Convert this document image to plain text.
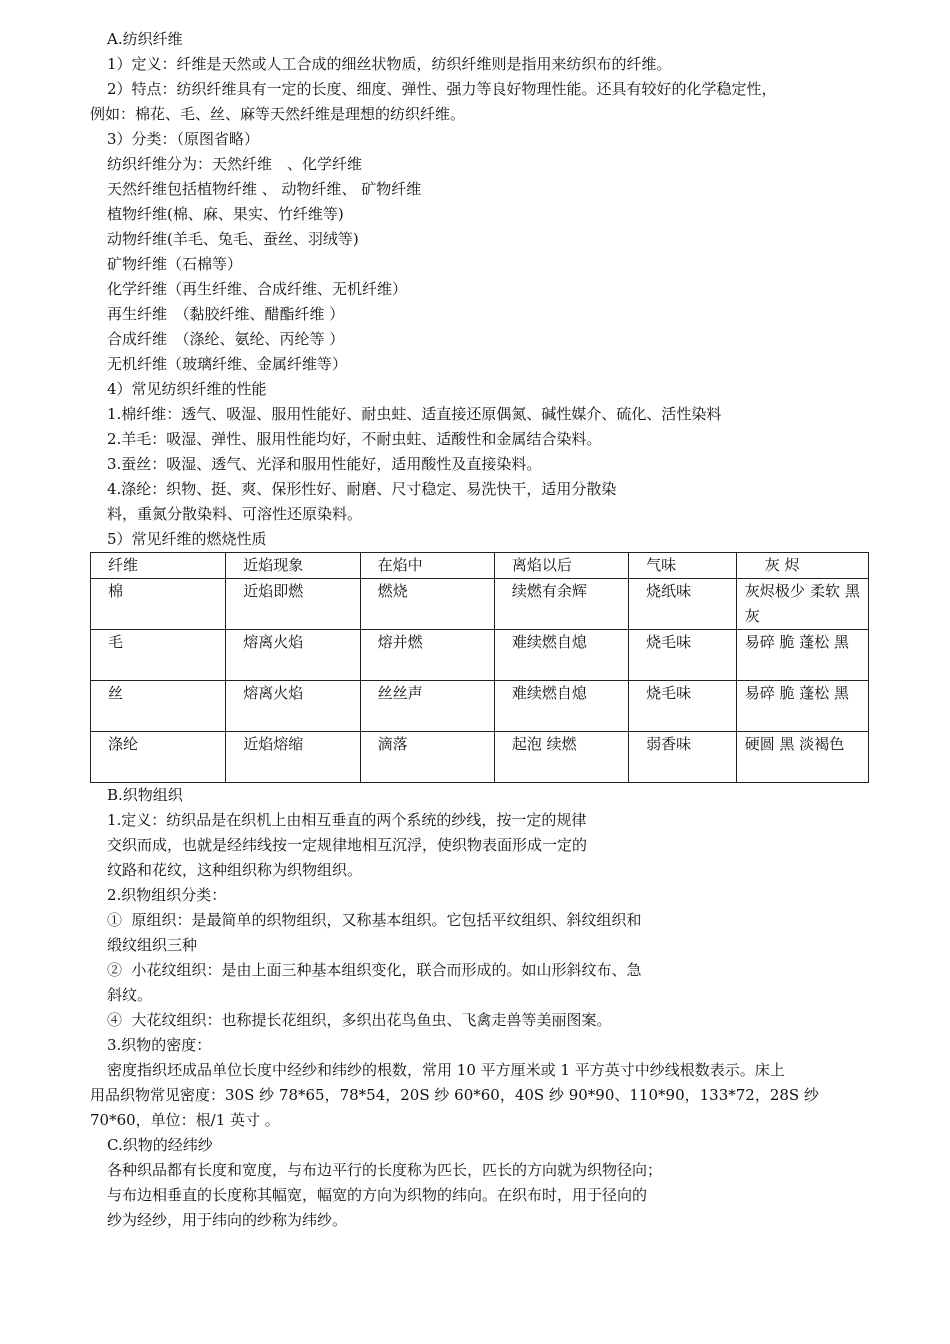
A.纺织纤维
1）定义：纤维是天然或人工合成的细丝状物质，纺织纤维则是指用来纺织布的纤维。
2）特点：纺织纤维具有一定的长度、细度、弹性、强力等良好物理性能。还具有较好的化学稳定性，
例如：棉花、毛、丝、麻等天然纤维是理想的纺织纤维。
3）分类：（原图省略）
纺织纤维分为：天然纤维　、化学纤维
天然纤维包括植物纤维 、 动物纤维、 矿物纤维
植物纤维(棉、麻、果实、竹纤维等)
动物纤维(羊毛、兔毛、蚕丝、羽绒等)
矿物纤维（石棉等）
化学纤维（再生纤维、合成纤维、无机纤维）
再生纤维　（黏胶纤维、醋酯纤维 ）
合成纤维　（涤纶、氨纶、丙纶等 ）
无机纤维（玻璃纤维、金属纤维等）
4）常见纺织纤维的性能
1.棉纤维：透气、吸湿、服用性能好、耐虫蛀、适直接还原偶氮、碱性媒介、硫化、活性染料
2.羊毛：吸湿、弹性、服用性能均好，不耐虫蛀、适酸性和金属结合染料。
3.蚕丝：吸湿、透气、光泽和服用性能好，适用酸性及直接染料。
4.涤纶：织物、挺、爽、保形性好、耐磨、尺寸稳定、易洗快干，适用分散染
料，重氮分散染料、可溶性还原染料。
5）常见纤维的燃烧性质
纤维	近焰现象	在焰中	离焰以后	气味	灰 烬
棉	近焰即燃	燃烧	续燃有余辉	烧纸味	灰烬极少 柔软 黑 灰
毛	熔离火焰	熔并燃	难续燃自熄	烧毛味	易碎 脆 蓬松 黑
丝	熔离火焰	丝丝声	难续燃自熄	烧毛味	易碎 脆 蓬松 黑
涤纶	近焰熔缩	滴落	起泡 续燃	弱香味	硬圆 黑 淡褐色
B.织物组织
1.定义：纺织品是在织机上由相互垂直的两个系统的纱线，按一定的规律
交织而成，也就是经纬线按一定规律地相互沉浮，使织物表面形成一定的
纹路和花纹，这种组织称为织物组织。
2.织物组织分类：
①  原组织：是最简单的织物组织，又称基本组织。它包括平纹组织、斜纹组织和
缎纹组织三种
②  小花纹组织：是由上面三种基本组织变化，联合而形成的。如山形斜纹布、急
斜纹。
④  大花纹组织：也称提长花组织，多织出花鸟鱼虫、飞禽走兽等美丽图案。
3.织物的密度：
密度指织坯成品单位长度中经纱和纬纱的根数，常用 10 平方厘米或 1 平方英寸中纱线根数表示。床上
用品织物常见密度：30S 纱 78*65，78*54，20S 纱 60*60，40S 纱 90*90、110*90，133*72，28S 纱
70*60，单位：根/1 英寸 。
C.织物的经纬纱
各种织品都有长度和宽度，与布边平行的长度称为匹长，匹长的方向就为织物径向；
与布边相垂直的长度称其幅宽，幅宽的方向为织物的纬向。在织布时，用于径向的
纱为经纱，用于纬向的纱称为纬纱。
